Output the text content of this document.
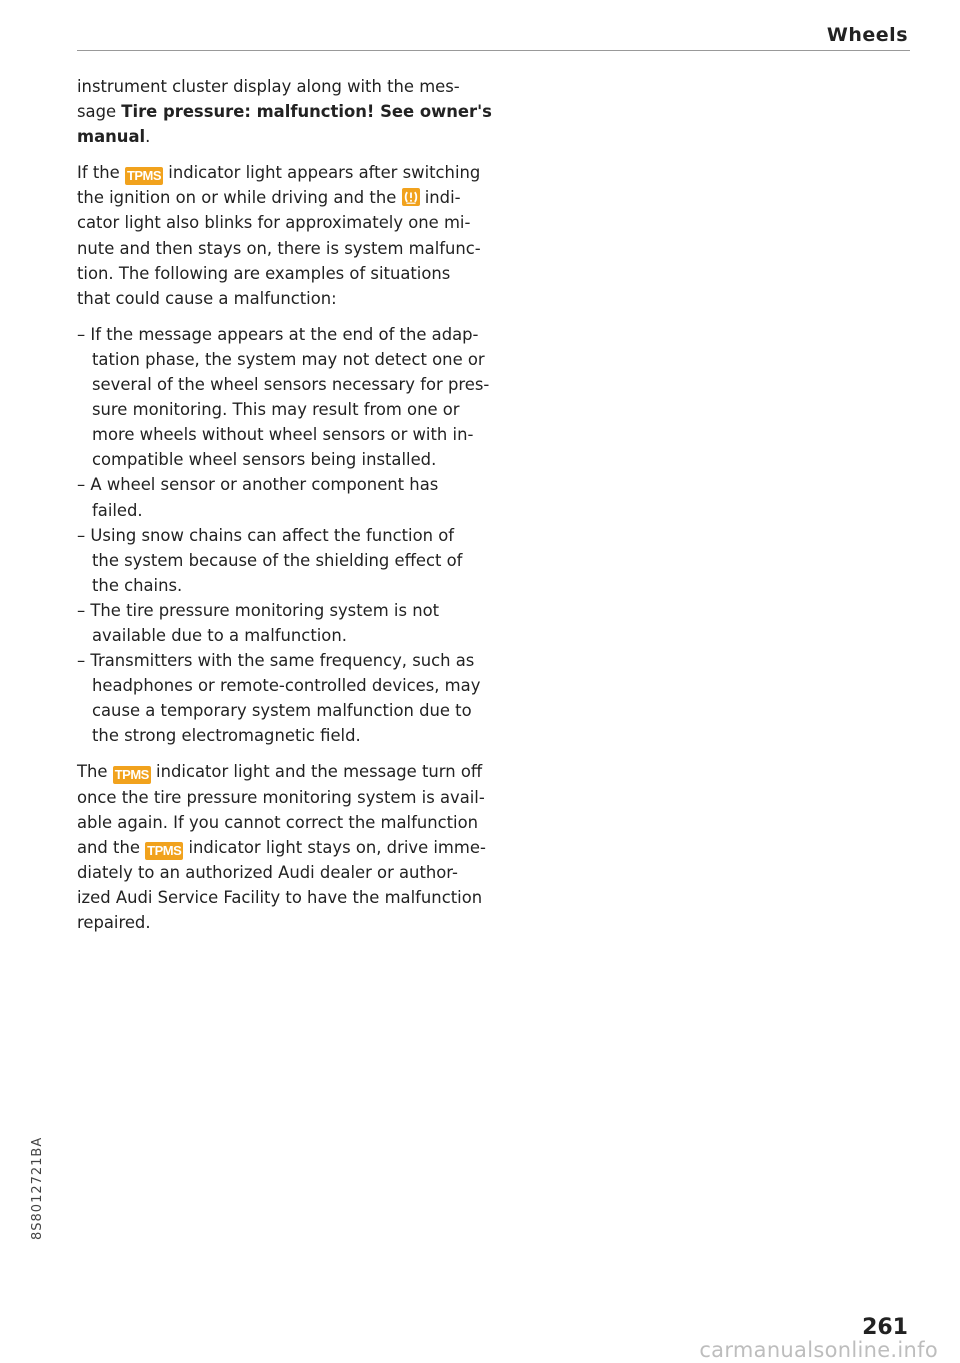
Wheels

instrument cluster display along with the mes-
sage Tire pressure: malfunction! See owner's
manual.

If the TPMS indicator light appears after switching
the ignition on or while driving and the
indi-
cator light also blinks for approximately one mi-
nute and then stays on, there is system malfunc-
tion. The following are examples of situations
that could cause a malfunction:

– If the message appears at the end of the adap-
tation phase, the system may not detect one or
several of the wheel sensors necessary for pres-
sure monitoring. This may result from one or
more wheels without wheel sensors or with in-
compatible wheel sensors being installed.
– A wheel sensor or another component has
failed.
– Using snow chains can affect the function of
the system because of the shielding effect of
the chains.
– The tire pressure monitoring system is not
available due to a malfunction.
– Transmitters with the same frequency, such as
headphones or remote-controlled devices, may
cause a temporary system malfunction due to
the strong electromagnetic field.

The TPMS indicator light and the message turn off
once the tire pressure monitoring system is avail-
able again. If you cannot correct the malfunction
and the TPMS indicator light stays on, drive imme-
diately to an authorized Audi dealer or author-
ized Audi Service Facility to have the malfunction
repaired.

8S8012721BA
261
carmanualsonline.info
